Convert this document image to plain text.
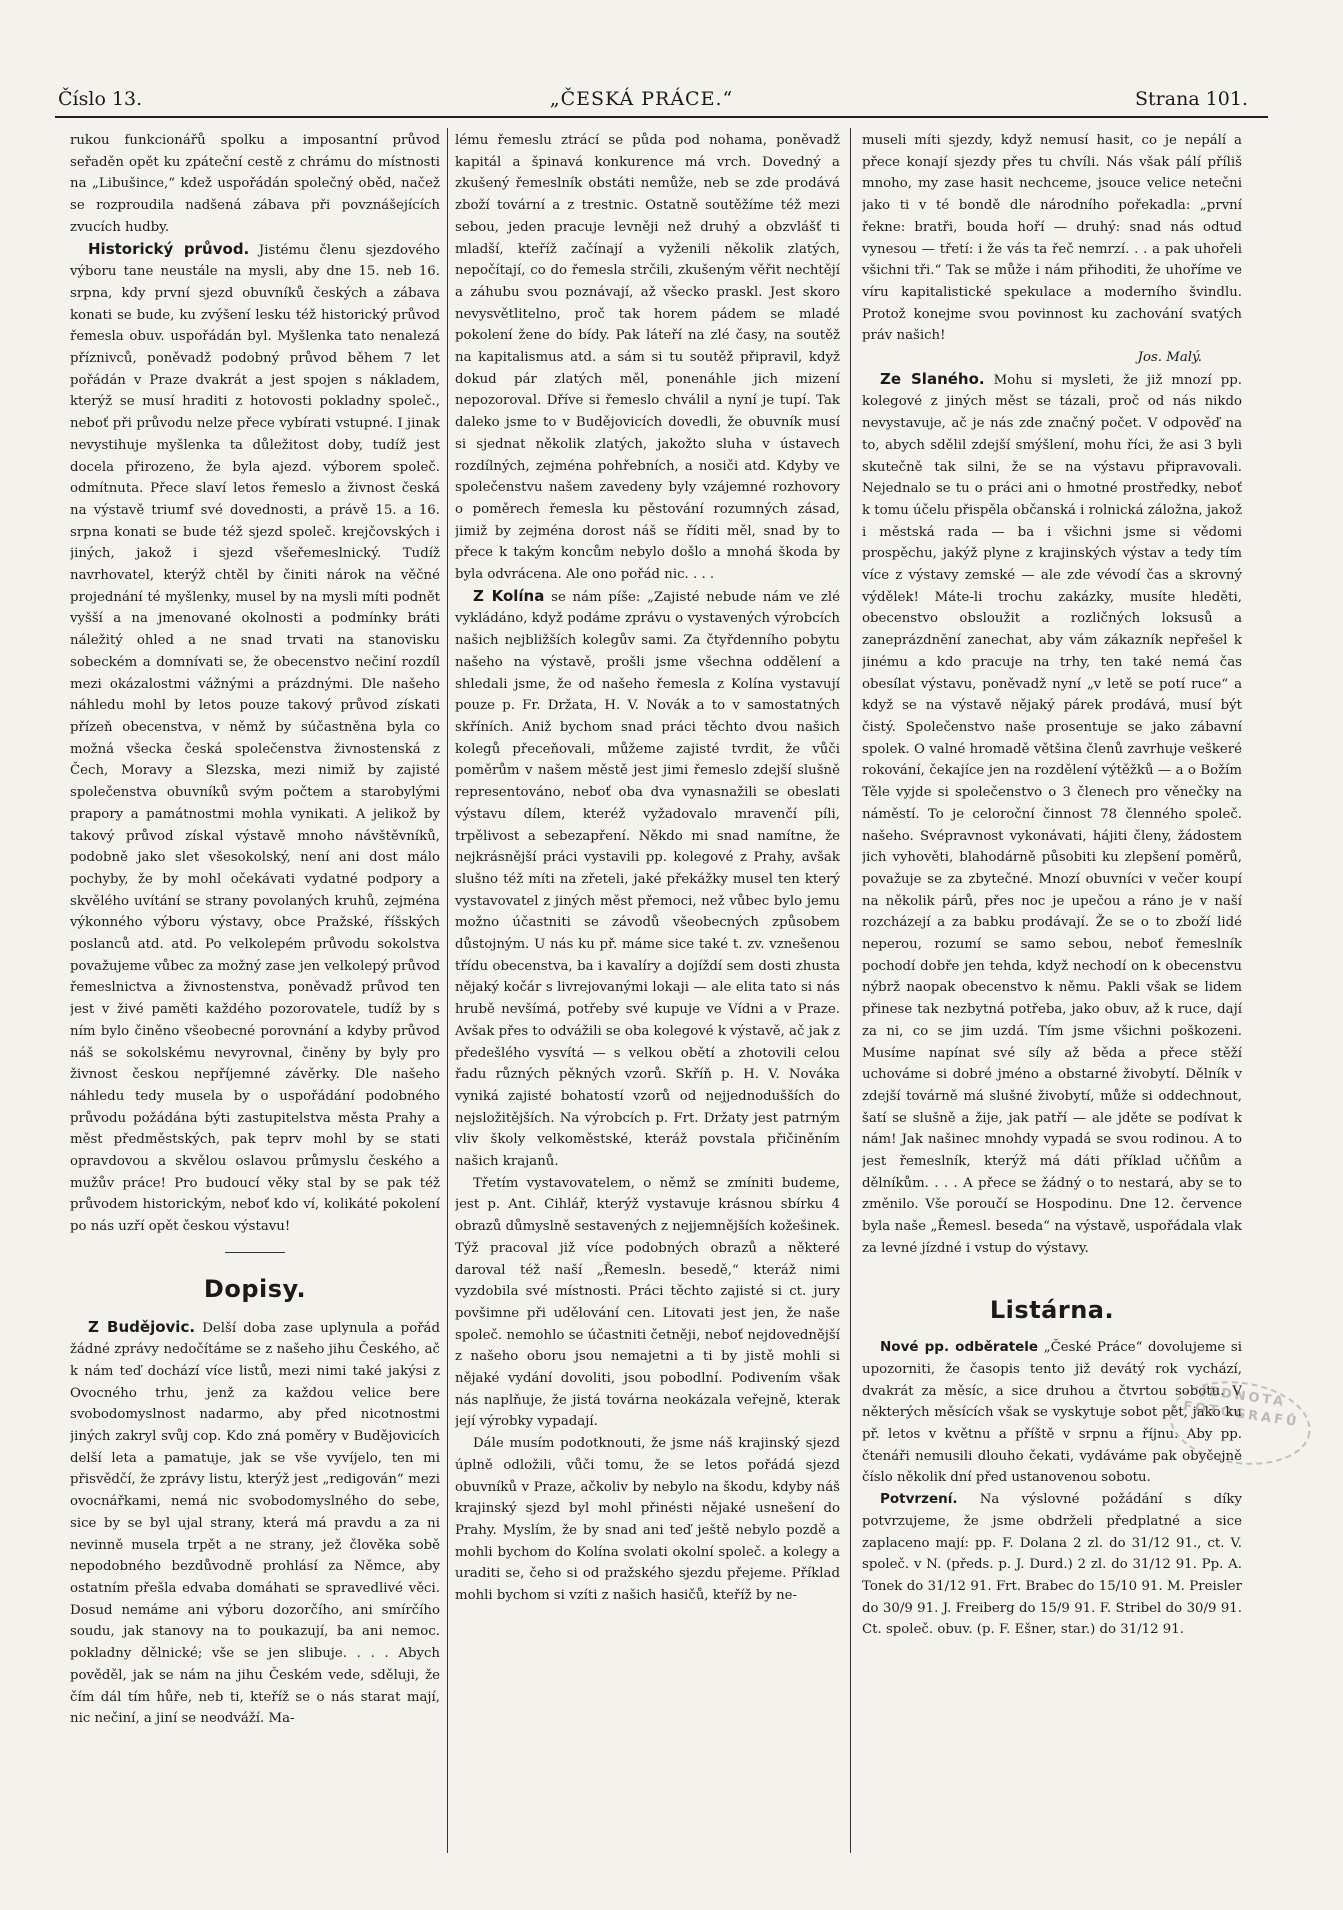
Číslo 13.	„ČESKÁ PRÁCE.“	Strana 101.

rukou funkcionářů spolku a imposantní průvod seřaděn opět ku zpáteční cestě z chrámu do místnosti na „Libušince,“ kdež uspořádán společný oběd, načež se rozproudila nadšená zábava při povznášejících zvucích hudby.

Historický průvod. Jistému členu sjezdového výboru tane neustále na mysli, aby dne 15. neb 16. srpna, kdy první sjezd obuvníků českých a zábava konati se bude, ku zvýšení lesku též historický průvod řemesla obuv. uspořádán byl. Myšlenka tato nenalezá příznivců, poněvadž podobný průvod během 7 let pořádán v Praze dvakrát a jest spojen s nákladem, kterýž se musí hraditi z hotovosti pokladny společ., neboť při průvodu nelze přece vybírati vstupné. I jinak nevystihuje myšlenka ta důležitost doby, tudíž jest docela přirozeno, že byla ajezd. výborem společ. odmítnuta. Přece slaví letos řemeslo a živnost česká na výstavě triumf své dovednosti, a právě 15. a 16. srpna konati se bude též sjezd společ. krejčovských i jiných, jakož i sjezd všeřemeslnický. Tudíž navrhovatel, kterýž chtěl by činiti nárok na věčné projednání té myšlenky, musel by na mysli míti podnět vyšší a na jmenované okolnosti a podmínky bráti náležitý ohled a ne snad trvati na stanovisku sobeckém a domnívati se, že obecenstvo nečiní rozdíl mezi okázalostmi vážnými a prázdnými. Dle našeho náhledu mohl by letos pouze takový průvod získati přízeň obecenstva, v němž by súčastněna byla co možná všecka česká společenstva živnostenská z Čech, Moravy a Slezska, mezi nimiž by zajisté společenstva obuvníků svým počtem a starobylými prapory a památnostmi mohla vynikati. A jelikož by takový průvod získal výstavě mnoho návštěvníků, podobně jako slet všesokolský, není ani dost málo pochyby, že by mohl očekávati vydatné podpory a skvělého uvítání se strany povolaných kruhů, zejména výkonného výboru výstavy, obce Pražské, říšských poslanců atd. atd. Po velkolepém průvodu sokolstva považujeme vůbec za možný zase jen velkolepý průvod řemeslnictva a živnostenstva, poněvadž průvod ten jest v živé paměti každého pozorovatele, tudíž by s ním bylo činěno všeobecné porovnání a kdyby průvod náš se sokolskému nevyrovnal, činěny by byly pro živnost českou nepříjemné závěrky. Dle našeho náhledu tedy musela by o uspořádání podobného průvodu požádána býti zastupitelstva města Prahy a měst předměstských, pak teprv mohl by se stati opravdovou a skvělou oslavou průmyslu českého a mužův práce! Pro budoucí věky stal by se pak též průvodem historickým, neboť kdo ví, kolikáté pokolení po nás uzří opět českou výstavu!

Dopisy.

Z Budějovic. Delší doba zase uplynula a pořád žádné zprávy nedočítáme se z našeho jihu Českého, ač k nám teď dochází více listů, mezi nimi také jakýsi z Ovocného trhu, jenž za každou velice bere svobodomyslnost nadarmo, aby před nicotnostmi jiných zakryl svůj cop. Kdo zná poměry v Budějovicích delší leta a pamatuje, jak se vše vyvíjelo, ten mi přisvědčí, že zprávy listu, kterýž jest „redigován“ mezi ovocnářkami, nemá nic svobodomyslného do sebe, sice by se byl ujal strany, která má pravdu a za ni nevinně musela trpět a ne strany, jež člověka sobě nepodobného bezdůvodně prohlásí za Němce, aby ostatním přešla edvaba domáhati se spravedlivé věci. Dosud nemáme ani výboru dozorčího, ani smírčího soudu, jak stanovy na to poukazují, ba ani nemoc. pokladny dělnické; vše se jen slibuje. . . . Abych pověděl, jak se nám na jihu Českém vede, sděluji, že čím dál tím hůře, neb ti, kteříž se o nás starat mají, nic nečiní, a jiní se neodváží. Ma-

lému řemeslu ztrácí se půda pod nohama, poněvadž kapitál a špinavá konkurence má vrch. Dovedný a zkušený řemeslník obstáti nemůže, neb se zde prodává zboží tovární a z trestnic. Ostatně soutěžíme též mezi sebou, jeden pracuje levněji než druhý a obzvlášť ti mladší, kteříž začínají a vyženili několik zlatých, nepočítají, co do řemesla strčili, zkušeným věřit nechtějí a záhubu svou poznávají, až všecko praskl. Jest skoro nevysvětlitelno, proč tak horem pádem se mladé pokolení žene do bídy. Pak láteří na zlé časy, na soutěž na kapitalismus atd. a sám si tu soutěž připravil, když dokud pár zlatých měl, ponenáhle jich mizení nepozoroval. Dříve si řemeslo chválil a nyní je tupí. Tak daleko jsme to v Budějovicích dovedli, že obuvník musí si sjednat několik zlatých, jakožto sluha v ústavech rozdílných, zejména pohřebních, a nosiči atd. Kdyby ve společenstvu našem zavedeny byly vzájemné rozhovory o poměrech řemesla ku pěstování rozumných zásad, jimiž by zejména dorost náš se říditi měl, snad by to přece k takým koncům nebylo došlo a mnohá škoda by byla odvrácena. Ale ono pořád nic. . . .

Z Kolína se nám píše: „Zajisté nebude nám ve zlé vykládáno, když podáme zprávu o vystavených výrobcích našich nejbližších kolegův sami. Za čtyřdenního pobytu našeho na výstavě, prošli jsme všechna oddělení a shledali jsme, že od našeho řemesla z Kolína vystavují pouze p. Fr. Držata, H. V. Novák a to v samostatných skříních. Aniž bychom snad práci těchto dvou našich kolegů přeceňovali, můžeme zajisté tvrdit, že vůči poměrům v našem městě jest jimi řemeslo zdejší slušně representováno, neboť oba dva vynasnažili se obeslati výstavu dílem, kteréž vyžadovalo mravenčí píli, trpělivost a sebezapření. Někdo mi snad namítne, že nejkrásnější práci vystavili pp. kolegové z Prahy, avšak slušno též míti na zřeteli, jaké překážky musel ten který vystavovatel z jiných měst přemoci, než vůbec bylo jemu možno účastniti se závodů všeobecných způsobem důstojným. U nás ku př. máme sice také t. zv. vznešenou třídu obecenstva, ba i kavalíry a dojíždí sem dosti zhusta nějaký kočár s livrejovanými lokaji — ale elita tato si nás hrubě nevšímá, potřeby své kupuje ve Vídni a v Praze. Avšak přes to odvážili se oba kolegové k výstavě, ač jak z předešlého vysvítá — s velkou obětí a zhotovili celou řadu různých pěkných vzorů. Skříň p. H. V. Nováka vyniká zajisté bohatostí vzorů od nejjednodušších do nejsložitějších. Na výrobcích p. Frt. Držaty jest patrným vliv školy velkoměstské, kteráž povstala přičiněním našich krajanů.

Třetím vystavovatelem, o němž se zmíniti budeme, jest p. Ant. Cihlář, kterýž vystavuje krásnou sbírku 4 obrazů důmyslně sestavených z nejjemnějších kožešinek. Týž pracoval již více podobných obrazů a některé daroval též naší „Řemesln. besedě,“ kteráž nimi vyzdobila své místnosti. Práci těchto zajisté si ct. jury povšimne při udělování cen. Litovati jest jen, že naše společ. nemohlo se účastniti četněji, neboť nejdovednější z našeho oboru jsou nemajetni a ti by jistě mohli si nějaké vydání dovoliti, jsou pobodlní. Podivením však nás naplňuje, že jistá továrna neokázala veřejně, kterak její výrobky vypadají.

Dále musím podotknouti, že jsme náš krajinský sjezd úplně odložili, vůči tomu, že se letos pořádá sjezd obuvníků v Praze, ačkoliv by nebylo na škodu, kdyby náš krajinský sjezd byl mohl přinésti nějaké usnešení do Prahy. Myslím, že by snad ani teď ještě nebylo pozdě a mohli bychom do Kolína svolati okolní společ. a kolegy a uraditi se, čeho si od pražského sjezdu přejeme. Příklad mohli bychom si vzíti z našich hasičů, kteříž by ne-

museli míti sjezdy, když nemusí hasit, co je nepálí a přece konají sjezdy přes tu chvíli. Nás však pálí příliš mnoho, my zase hasit nechceme, jsouce velice netečni jako ti v té bondě dle národního pořekadla: „první řekne: bratři, bouda hoří — druhý: snad nás odtud vynesou — třetí: i že vás ta řeč nemrzí. . . a pak uhořeli všichni tři.“ Tak se může i nám přihoditi, že uhoříme ve víru kapitalistické spekulace a moderního švindlu. Protož konejme svou povinnost ku zachování svatých práv našich!

Jos. Malý.

Ze Slaného. Mohu si mysleti, že již mnozí pp. kolegové z jiných měst se tázali, proč od nás nikdo nevystavuje, ač je nás zde značný počet. V odpověď na to, abych sdělil zdejší smýšlení, mohu říci, že asi 3 byli skutečně tak silni, že se na výstavu připravovali. Nejednalo se tu o práci ani o hmotné prostředky, neboť k tomu účelu přispěla občanská i rolnická záložna, jakož i městská rada — ba i všichni jsme si vědomi prospěchu, jakýž plyne z krajinských výstav a tedy tím více z výstavy zemské — ale zde vévodí čas a skrovný výdělek! Máte-li trochu zakázky, musíte hleděti, obecenstvo obsloužit a rozličných loksusů a zaneprázdnění zanechat, aby vám zákazník nepřešel k jinému a kdo pracuje na trhy, ten také nemá čas obesílat výstavu, poněvadž nyní „v letě se potí ruce“ a když se na výstavě nějaký párek prodává, musí být čistý. Společenstvo naše prosentuje se jako zábavní spolek. O valné hromadě většina členů zavrhuje veškeré rokování, čekajíce jen na rozdělení výtěžků — a o Božím Těle vyjde si společenstvo o 3 členech pro věnečky na náměstí. To je celoroční činnost 78 členného společ. našeho. Svépravnost vykonávati, hájiti členy, žádostem jich vyhověti, blahodárně působiti ku zlepšení poměrů, považuje se za zbytečné. Mnozí obuvníci v večer koupí na několik párů, přes noc je upečou a ráno je v naší rozcházejí a za babku prodávají. Že se o to zboží lidé neperou, rozumí se samo sebou, neboť řemeslník pochodí dobře jen tehda, když nechodí on k obecenstvu nýbrž naopak obecenstvo k němu. Pakli však se lidem přinese tak nezbytná potřeba, jako obuv, až k ruce, dají za ni, co se jim uzdá. Tím jsme všichni poškozeni. Musíme napínat své síly až běda a přece stěží uchováme si dobré jméno a obstarné živobytí. Dělník v zdejší továrně má slušné živobytí, může si oddechnout, šatí se slušně a žije, jak patří — ale jděte se podívat k nám! Jak našinec mnohdy vypadá se svou rodinou. A to jest řemeslník, kterýž má dáti příklad učňům a dělníkům. . . . A přece se žádný o to nestará, aby se to změnilo. Vše poroučí se Hospodinu. Dne 12. července byla naše „Řemesl. beseda“ na výstavě, uspořádala vlak za levné jízdné i vstup do výstavy.

Listárna.

Nové pp. odběratele „České Práce“ dovolujeme si upozorniti, že časopis tento již devátý rok vychází, dvakrát za měsíc, a sice druhou a čtvrtou sobotu. V některých měsících však se vyskytuje sobot pět, jako ku př. letos v květnu a příště v srpnu a říjnu. Aby pp. čtenáři nemusili dlouho čekati, vydáváme pak obyčejně číslo několik dní před ustanovenou sobotu.

Potvrzení. Na výslovné požádání s díky potvrzujeme, že jsme obdrželi předplatné a sice zaplaceno mají: pp. F. Dolana 2 zl. do 31/12 91., ct. V. společ. v N. (předs. p. J. Durd.) 2 zl. do 31/12 91. Pp. A. Tonek do 31/12 91. Frt. Brabec do 15/10 91. M. Preisler do 30/9 91. J. Freiberg do 15/9 91. F. Stribel do 30/9 91. Ct. společ. obuv. (p. F. Ešner, star.) do 31/12 91.

JEDNOTA FOTOGRAFŮ
